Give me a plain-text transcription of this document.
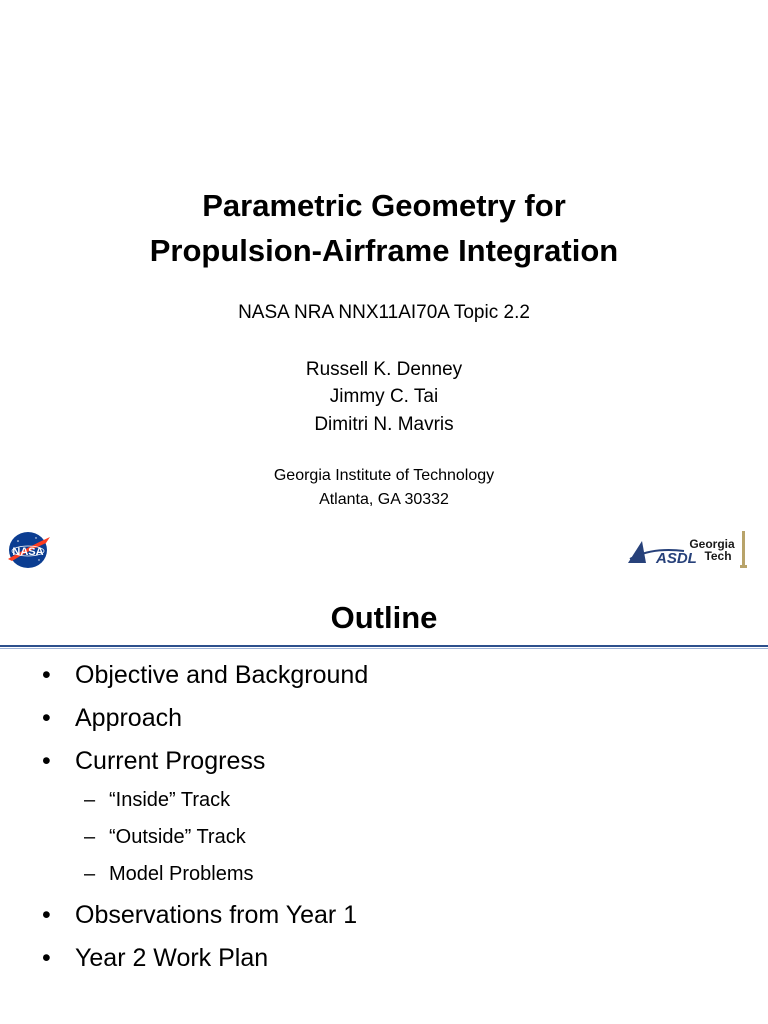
Parametric Geometry for
Propulsion-Airframe Integration
NASA NRA NNX11AI70A Topic 2.2
Russell K. Denney
Jimmy C. Tai
Dimitri N. Mavris
Georgia Institute of Technology
Atlanta, GA 30332
NASA	ASDL
Georgia
Tech
Outline
• Objective and Background
• Approach
• Current Progress
– “Inside” Track
– “Outside” Track
– Model Problems
• Observations from Year 1
• Year 2 Work Plan
